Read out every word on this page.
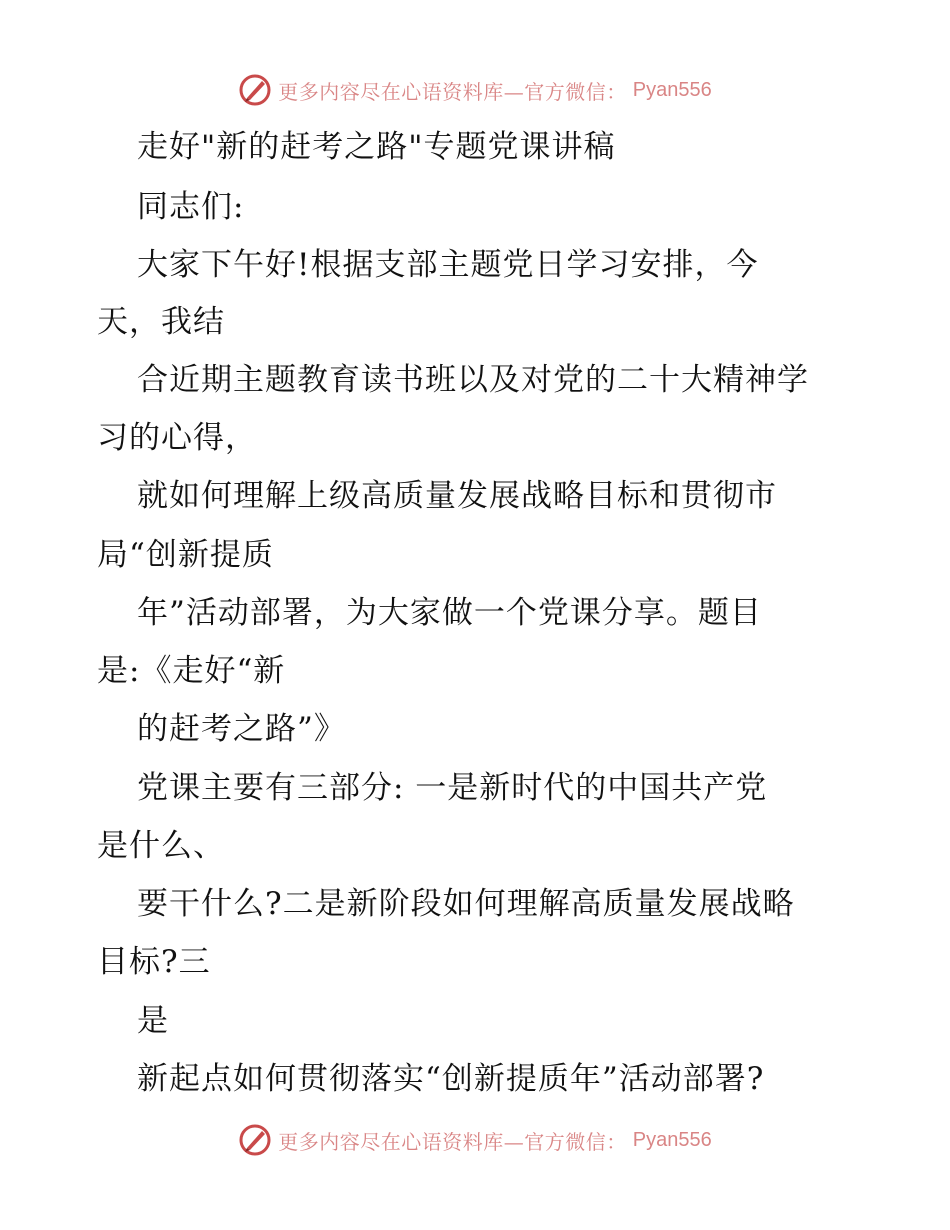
更多内容尽在心语资料库—官方微信： Pyan556
走好"新的赶考之路"专题党课讲稿
同志们:
大家下午好!根据支部主题党日学习安排，今
天，我结
合近期主题教育读书班以及对党的二十大精神学
习的心得，
就如何理解上级高质量发展战略目标和贯彻市
局“创新提质
年”活动部署，为大家做一个党课分享。题目
是:《走好“新
的赶考之路”》
党课主要有三部分: 一是新时代的中国共产党
是什么、
要干什么?二是新阶段如何理解高质量发展战略
目标?三
是
新起点如何贯彻落实“创新提质年”活动部署?
更多内容尽在心语资料库—官方微信： Pyan556
